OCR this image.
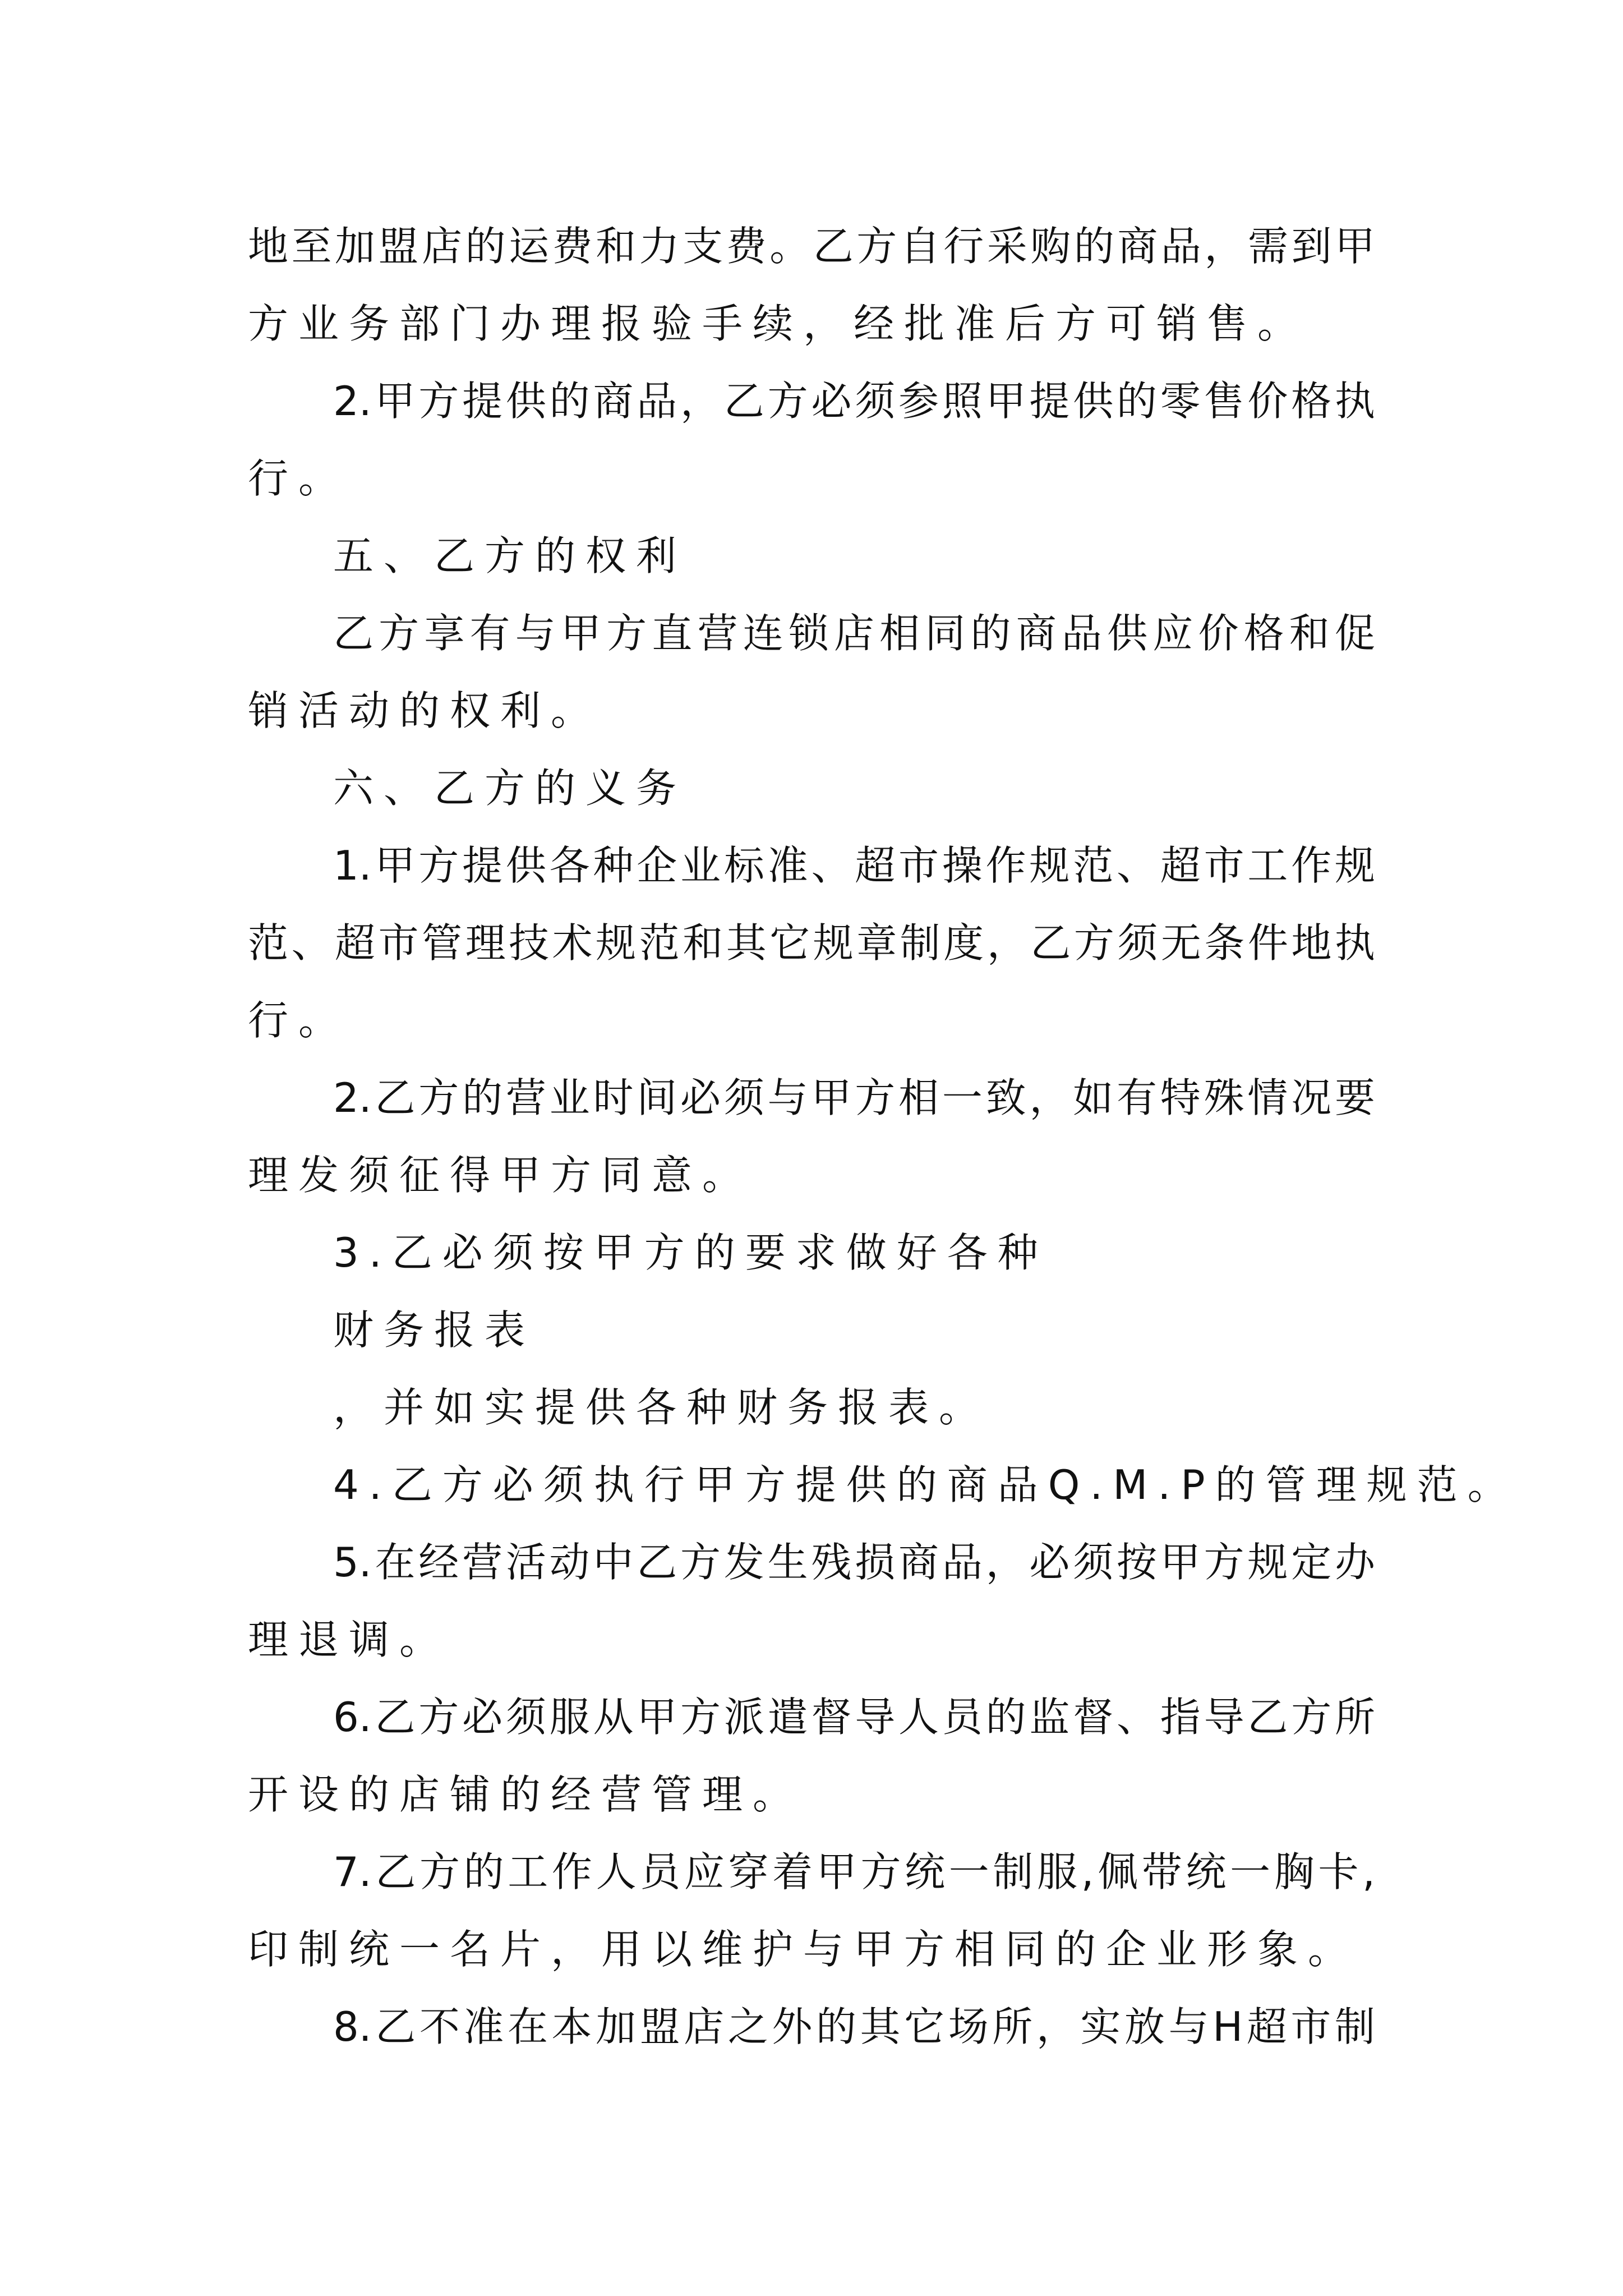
地至加盟店的运费和力支费。乙方自行采购的商品，需到甲
方业务部门办理报验手续，经批准后方可销售。
2.甲方提供的商品，乙方必须参照甲提供的零售价格执
行。
五、乙方的权利
乙方享有与甲方直营连锁店相同的商品供应价格和促
销活动的权利。
六、乙方的义务
1.甲方提供各种企业标准、超市操作规范、超市工作规
范、超市管理技术规范和其它规章制度，乙方须无条件地执
行。
2.乙方的营业时间必须与甲方相一致，如有特殊情况要
理发须征得甲方同意。
3.乙必须按甲方的要求做好各种
财务报表
，并如实提供各种财务报表。
4.乙方必须执行甲方提供的商品Q.M.P的管理规范。
5.在经营活动中乙方发生残损商品，必须按甲方规定办
理退调。
6.乙方必须服从甲方派遣督导人员的监督、指导乙方所
开设的店铺的经营管理。
7.乙方的工作人员应穿着甲方统一制服,佩带统一胸卡,
印制统一名片，用以维护与甲方相同的企业形象。
8.乙不准在本加盟店之外的其它场所，实放与H超市制
